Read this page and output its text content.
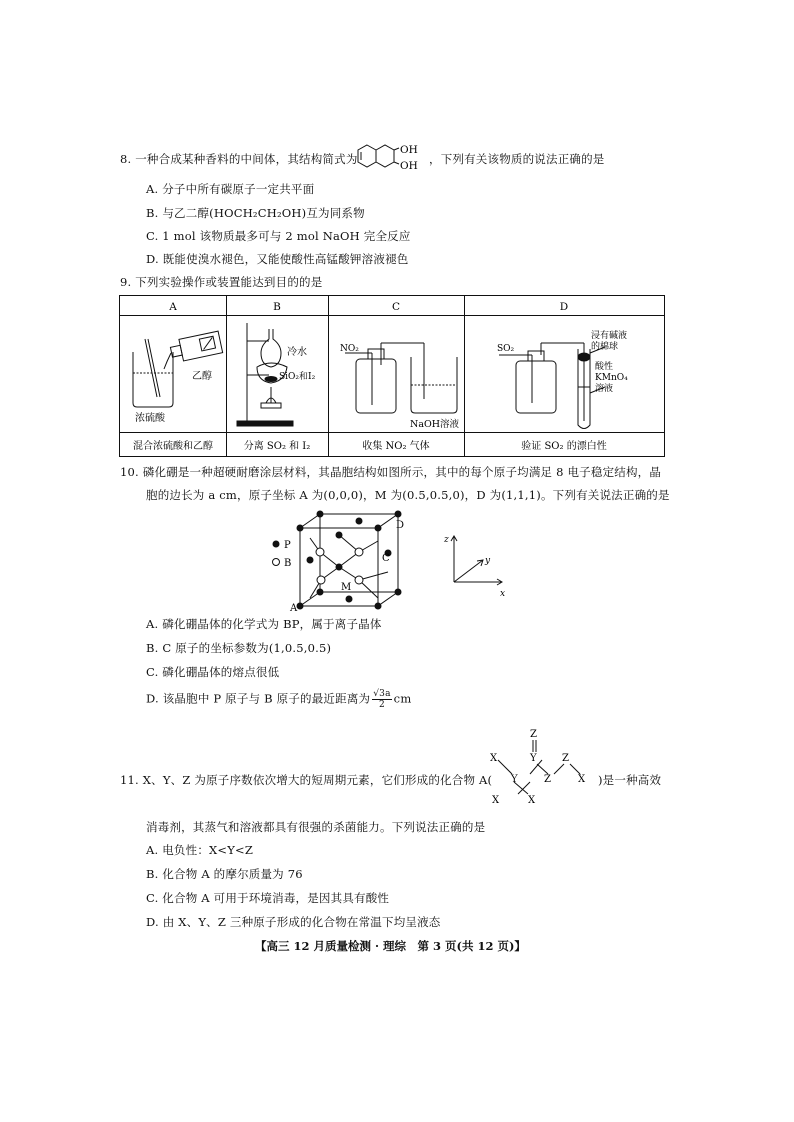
8. 一种合成某种香料的中间体，其结构简式为
OH
OH ，下列有关该物质的说法正确的是
A. 分子中所有碳原子一定共平面
B. 与乙二醇(HOCH₂CH₂OH)互为同系物
C. 1 mol 该物质最多可与 2 mol NaOH 完全反应
D. 既能使溴水褪色，又能使酸性高锰酸钾溶液褪色
9. 下列实验操作或装置能达到目的的是
A	B	C	D
乙醇
浓硫酸
冷水
SiO₂和I₂
NO₂
NaOH溶液
SO₂
浸有碱液
的棉球
酸性
KMnO₄
溶液
混合浓硫酸和乙醇	分离 SO₂ 和 I₂	收集 NO₂ 气体	验证 SO₂ 的漂白性
10. 磷化硼是一种超硬耐磨涂层材料，其晶胞结构如图所示，其中的每个原子均满足 8 电子稳定结构，晶
胞的边长为 a cm，原子坐标 A 为(0,0,0)，M 为(0.5,0.5,0)，D 为(1,1,1)。下列有关说法正确的是
P
B
A
C
D
M
z
x
y
A. 磷化硼晶体的化学式为 BP，属于离子晶体
B. C 原子的坐标参数为(1,0.5,0.5)
C. 磷化硼晶体的熔点很低
D. 该晶胞中 P 原子与 B 原子的最近距离为 $\frac{√3a}{2}$ cm
11. X、Y、Z 为原子序数依次增大的短周期元素，它们形成的化合物 A(
Z
Y
X	Z
Y	Z	X
X	X
)是一种高效
消毒剂，其蒸气和溶液都具有很强的杀菌能力。下列说法正确的是
A. 电负性：X<Y<Z
B. 化合物 A 的摩尔质量为 76
C. 化合物 A 可用于环境消毒，是因其具有酸性
D. 由 X、Y、Z 三种原子形成的化合物在常温下均呈液态
【高三 12 月质量检测 · 理综　第 3 页(共 12 页)】
